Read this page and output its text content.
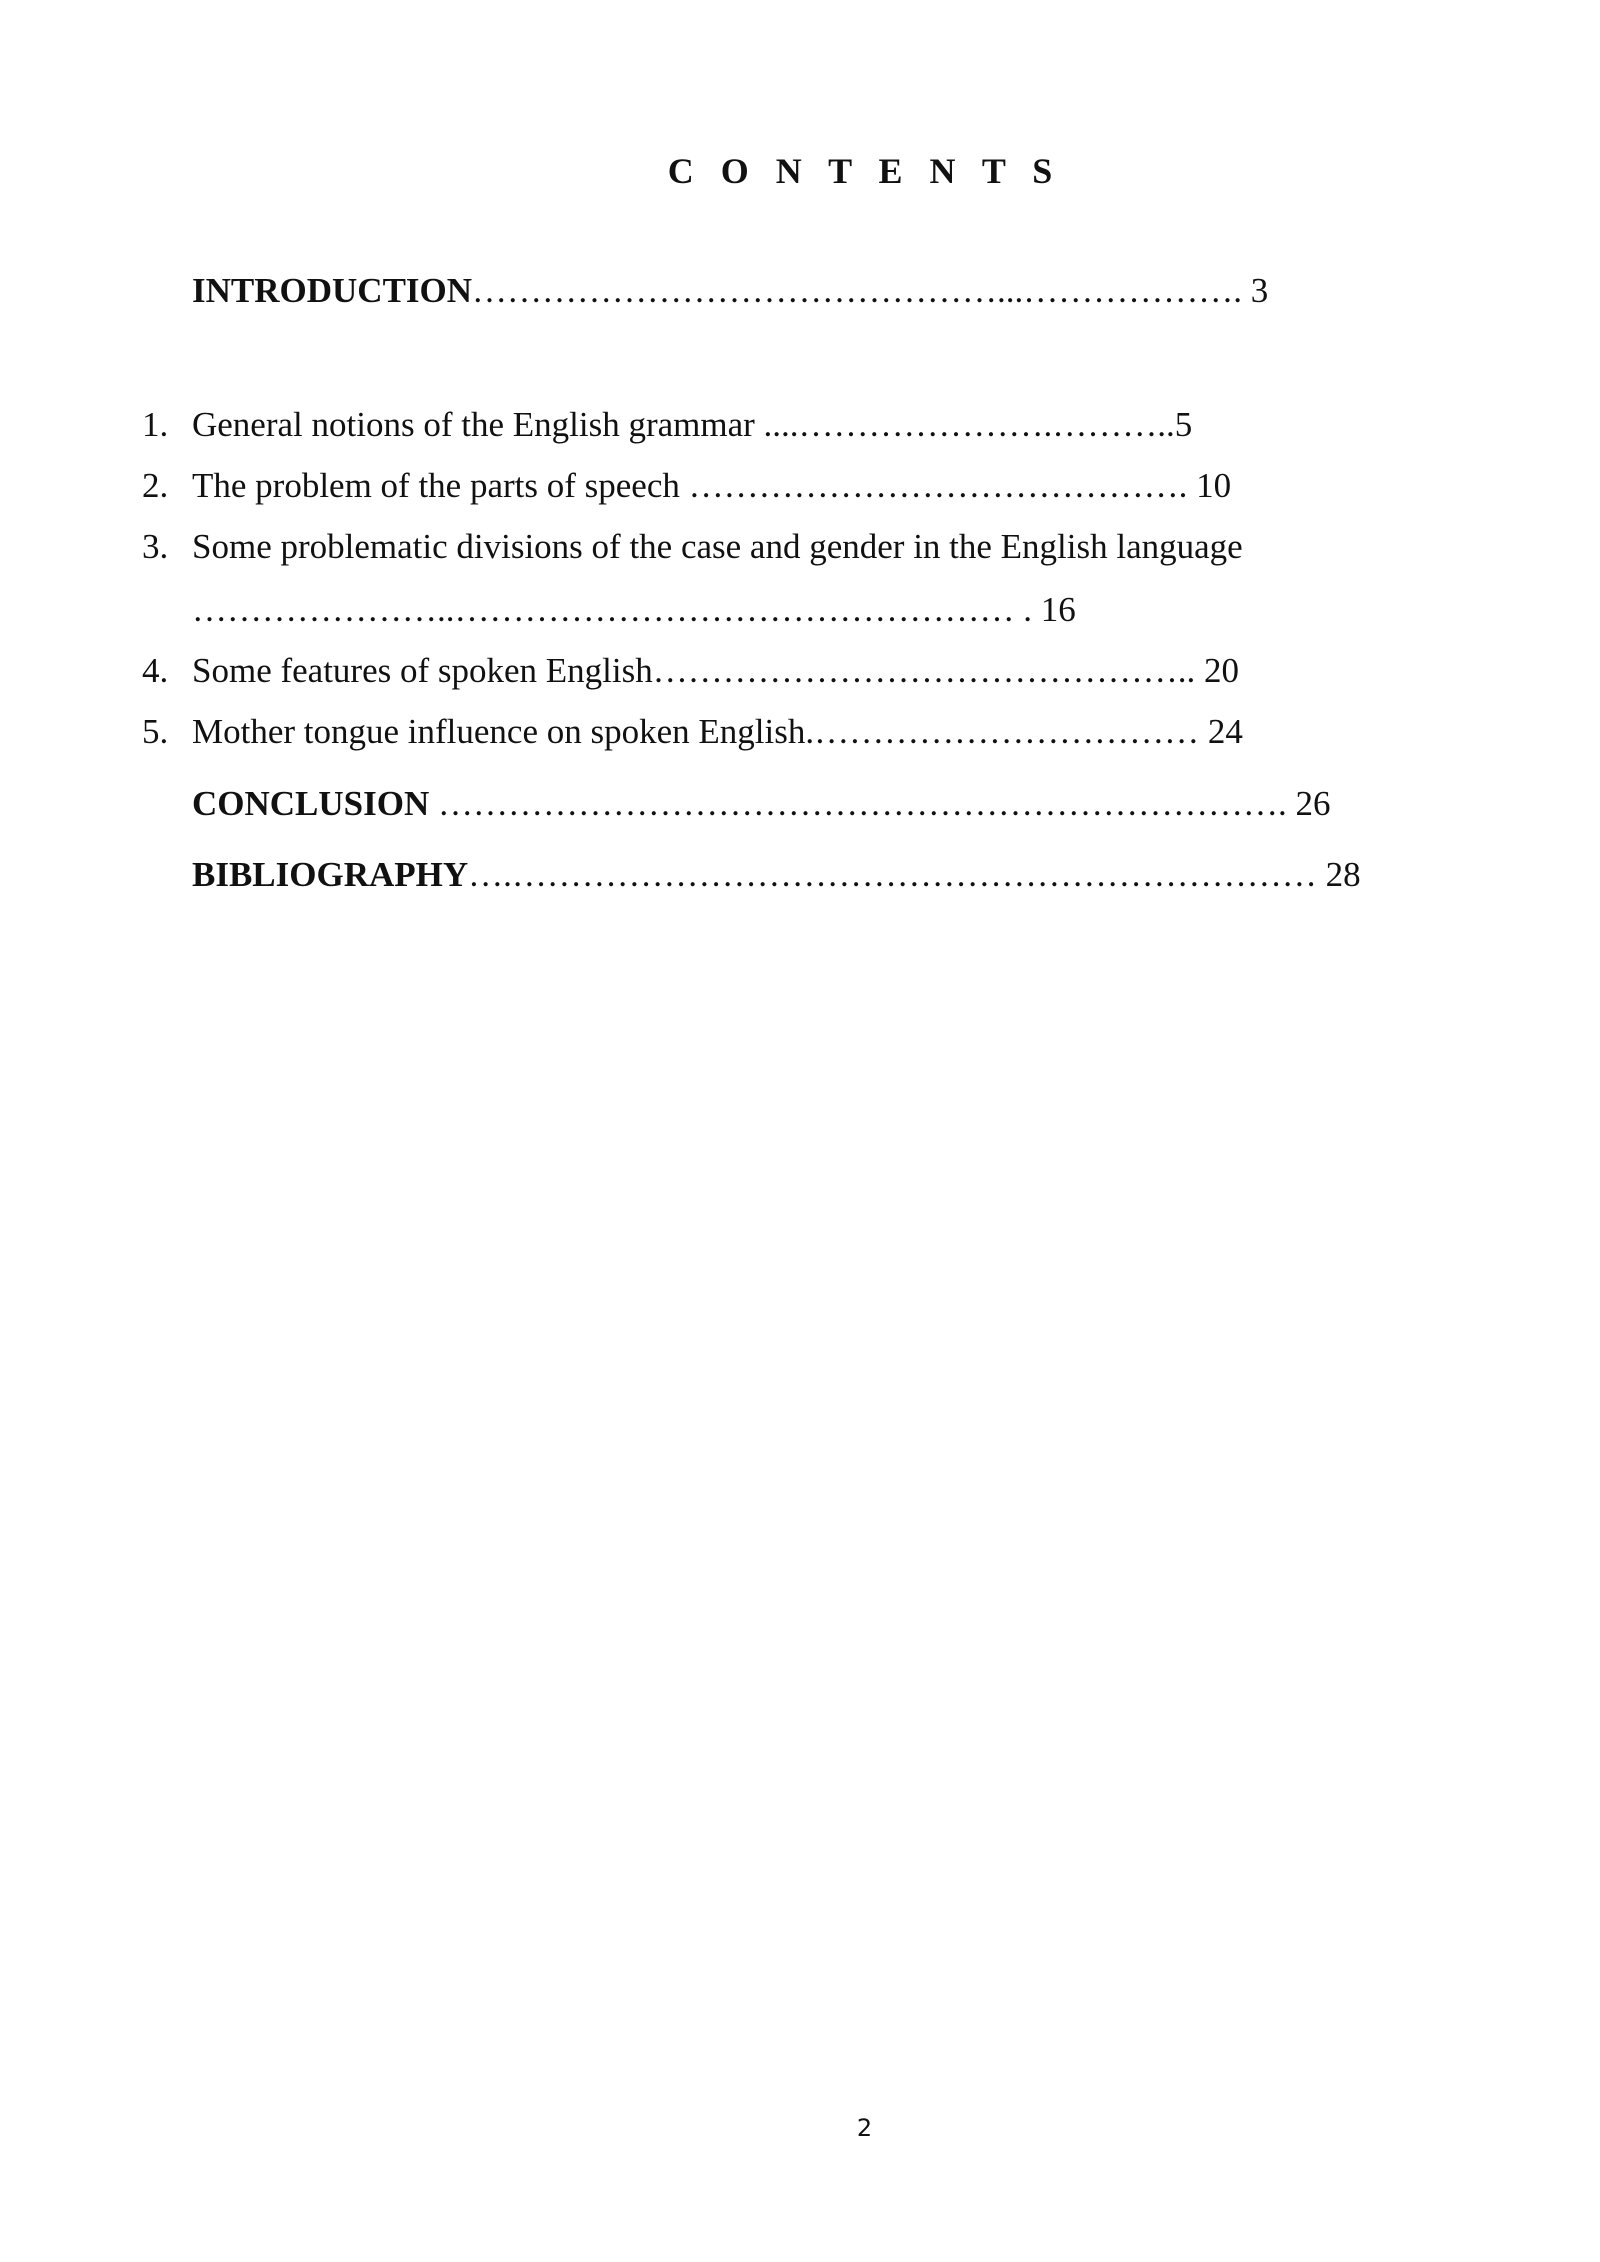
C O N T E N T S
INTRODUCTION………………………………………...………………. 3
1. General notions of the English grammar ....………………….………..5
2. The problem of the parts of speech ……………………………………. 10
3. Some problematic divisions of the case and gender in the English language
…………………..………………………………………… . 16
4. Some features of spoken English……………………………………….. 20
5. Mother tongue influence on spoken English.…………………………… 24
CONCLUSION ………………………………………………………………. 26
BIBLIOGRAPHY….…………………………………………………………… 28
2
